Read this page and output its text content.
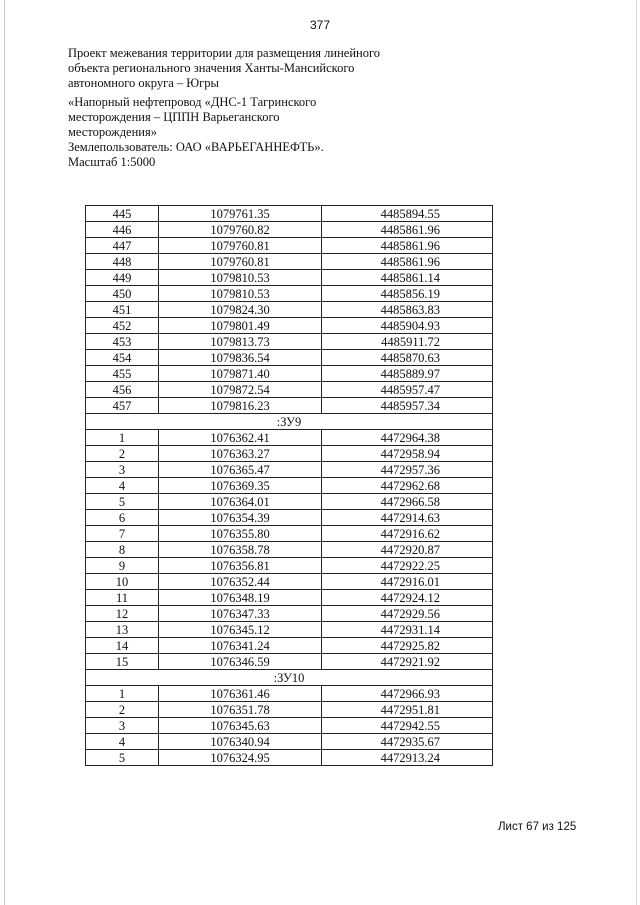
377
Проект межевания территории для размещения линейного
объекта регионального значения Ханты-Мансийского
автономного округа – Югры
«Напорный нефтепровод «ДНС-1 Тагринского
месторождения – ЦППН Варьеганского
месторождения»
Землепользователь: ОАО «ВАРЬЕГАННЕФТЬ».
Масштаб 1:5000
445	1079761.35	4485894.55
446	1079760.82	4485861.96
447	1079760.81	4485861.96
448	1079760.81	4485861.96
449	1079810.53	4485861.14
450	1079810.53	4485856.19
451	1079824.30	4485863.83
452	1079801.49	4485904.93
453	1079813.73	4485911.72
454	1079836.54	4485870.63
455	1079871.40	4485889.97
456	1079872.54	4485957.47
457	1079816.23	4485957.34
:ЗУ9		
1	1076362.41	4472964.38
2	1076363.27	4472958.94
3	1076365.47	4472957.36
4	1076369.35	4472962.68
5	1076364.01	4472966.58
6	1076354.39	4472914.63
7	1076355.80	4472916.62
8	1076358.78	4472920.87
9	1076356.81	4472922.25
10	1076352.44	4472916.01
11	1076348.19	4472924.12
12	1076347.33	4472929.56
13	1076345.12	4472931.14
14	1076341.24	4472925.82
15	1076346.59	4472921.92
:ЗУ10		
1	1076361.46	4472966.93
2	1076351.78	4472951.81
3	1076345.63	4472942.55
4	1076340.94	4472935.67
5	1076324.95	4472913.24
Лист 67 из 125
